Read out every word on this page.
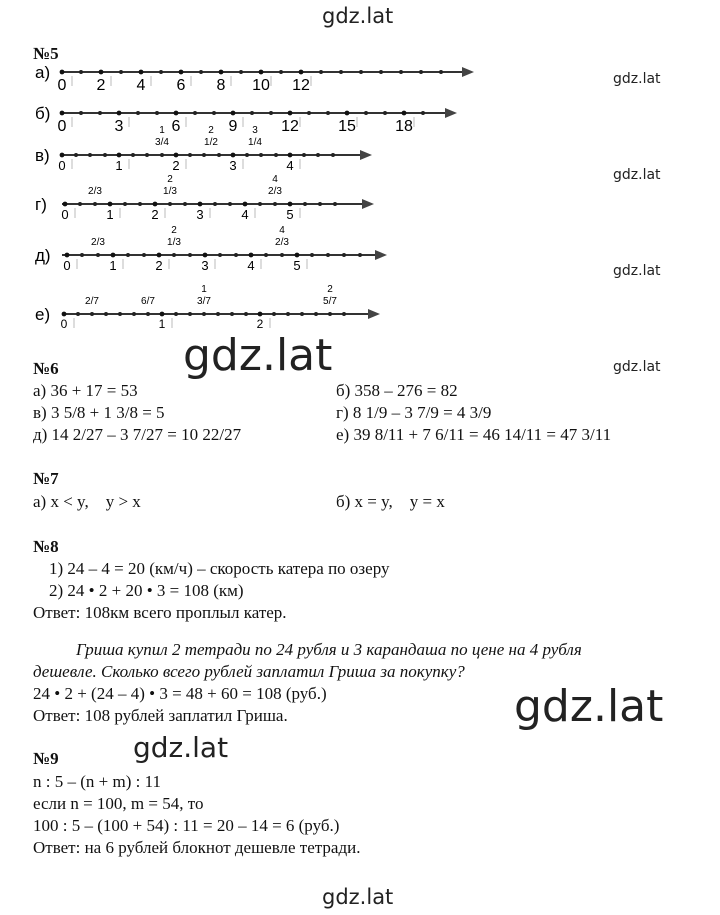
gdz.lat
gdz.lat
gdz.lat
gdz.lat
gdz.lat
gdz.lat
gdz.lat
gdz.lat
gdz.lat
№5
а)
0 2 4 6 8 10 12
б)
0	3	6	9	12 15 18
в)
0	1	2	3	4
1
3/4
2
1/2
3
1/4
г)
0	1	2	3	4	5
2/3
2
1/3
4
2/3
д)
0	1	2	3	4	5
2/3
2
1/3
4
2/3
е) 0	1	2
2/7	6/7
1
3/7
2
5/7
№6
а) 36 + 17 = 53	б) 358 – 276 = 82
в) 3 5/8 + 1 3/8 = 5	г) 8 1/9 – 3 7/9 = 4 3/9
д) 14 2/27 – 3 7/27 = 10 22/27	е) 39 8/11 + 7 6/11 = 46 14/11 = 47 3/11
№7
а) x < y,    y > x	б) x = y,    y = x
№8
1) 24 – 4 = 20 (км/ч) – скорость катера по озеру
2) 24 • 2 + 20 • 3 = 108 (км)
Ответ: 108км всего проплыл катер.
Гриша купил 2 тетради по 24 рубля и 3 карандаша по цене на 4 рубля
дешевле. Сколько всего рублей заплатил Гриша за покупку?
24 • 2 + (24 – 4) • 3 = 48 + 60 = 108 (руб.)
Ответ: 108 рублей заплатил Гриша.
№9
n : 5 – (n + m) : 11
если n = 100, m = 54, то
100 : 5 – (100 + 54) : 11 = 20 – 14 = 6 (руб.)
Ответ: на 6 рублей блокнот дешевле тетради.
